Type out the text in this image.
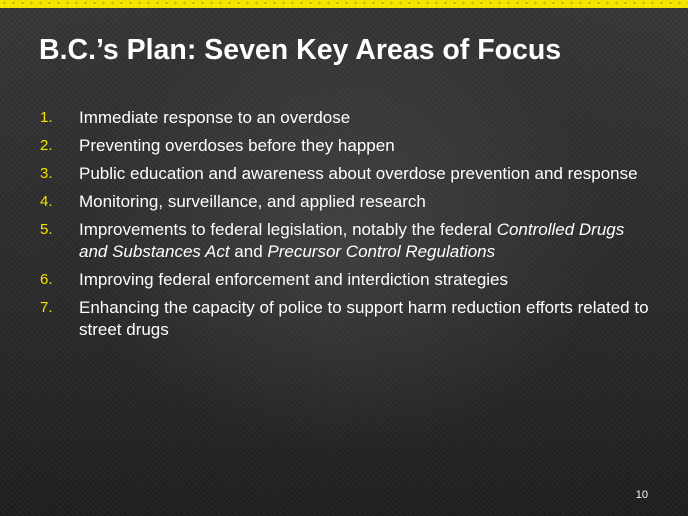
B.C.’s Plan: Seven Key Areas of Focus
1.	Immediate response to an overdose
2.	Preventing overdoses before they happen
3.	Public education and awareness about overdose prevention and response
4.	Monitoring, surveillance, and applied research
5.	Improvements to federal legislation, notably the federal Controlled Drugs and Substances Act and Precursor Control Regulations
6.	Improving federal enforcement and interdiction strategies
7.	Enhancing the capacity of police to support harm reduction efforts related to street drugs
10
